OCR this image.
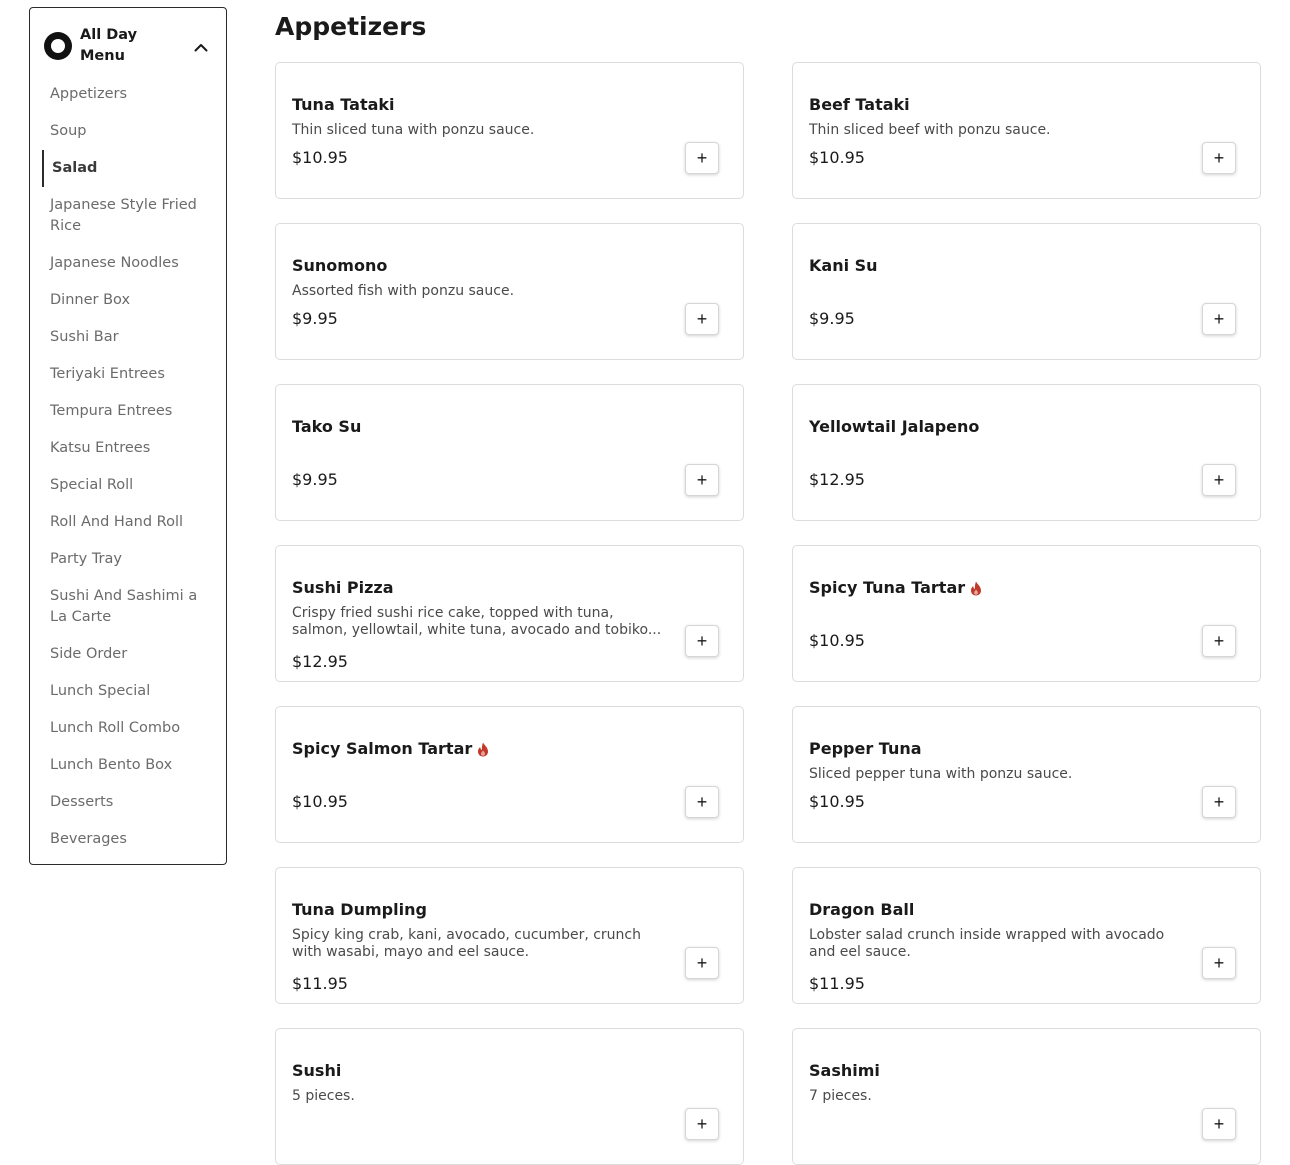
All Day Menu
Appetizers
Soup
Salad
Japanese Style Fried Rice
Japanese Noodles
Dinner Box
Sushi Bar
Teriyaki Entrees
Tempura Entrees
Katsu Entrees
Special Roll
Roll And Hand Roll
Party Tray
Sushi And Sashimi a La Carte
Side Order
Lunch Special
Lunch Roll Combo
Lunch Bento Box
Desserts
Beverages
Appetizers
Tuna Tataki
Thin sliced tuna with ponzu sauce.
$10.95	+
Beef Tataki
Thin sliced beef with ponzu sauce.
$10.95	+
Sunomono
Assorted fish with ponzu sauce.
$9.95	+
Kani Su
$9.95	+
Tako Su
$9.95	+
Yellowtail Jalapeno
$12.95	+
Sushi Pizza
Crispy fried sushi rice cake, topped with tuna, salmon, yellowtail, white tuna, avocado and tobiko...
$12.95
+
Spicy Tuna Tartar
$10.95	+
Spicy Salmon Tartar
$10.95	+
Pepper Tuna
Sliced pepper tuna with ponzu sauce.
$10.95	+
Tuna Dumpling
Spicy king crab, kani, avocado, cucumber, crunch with wasabi, mayo and eel sauce.
$11.95
+
Dragon Ball
Lobster salad crunch inside wrapped with avocado and eel sauce.
$11.95
+
Sushi
5 pieces.
+
Sashimi
7 pieces.
+
